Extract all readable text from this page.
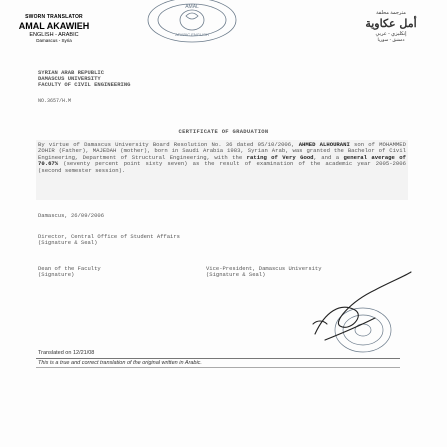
SWORN TRANSLATOR
AMAL AKAWIEH
ENGLISH - ARABIC
Damascus - Syria
AMAL
ARABIC ENGLISH
مترجمة محلفة
أمل عكاوية
إنكليزي - عربي
دمشق - سوريا
SYRIAN ARAB REPUBLIC
DAMASCUS UNIVERSITY
FACULTY OF CIVIL ENGINEERING
NO.3657/H.M
CERTIFICATE OF GRADUATION
By virtue of Damascus University Board Resolution No. 36 dated 05/10/2006, AHMED ALHOURANI son of MOHAMMED ZOHIR (Father), MAJEDAH (mother), born in Saudi Arabia 1983, Syrian Arab, was granted the Bachelor of Civil Engineering, Department of Structural Engineering, with the rating of Very Good, and a general average of 70.67% (seventy percent point sixty seven) as the result of examination of the academic year 2005-2006 (second semester session).
Damascus, 26/09/2006
Director, Central Office of Student Affairs
(Signature & Seal)
Dean of the Faculty
(Signature)
Vice-President, Damascus University
(Signature & Seal)
Translated on 12/21/08
This is a true and correct translation of the original written in Arabic.
